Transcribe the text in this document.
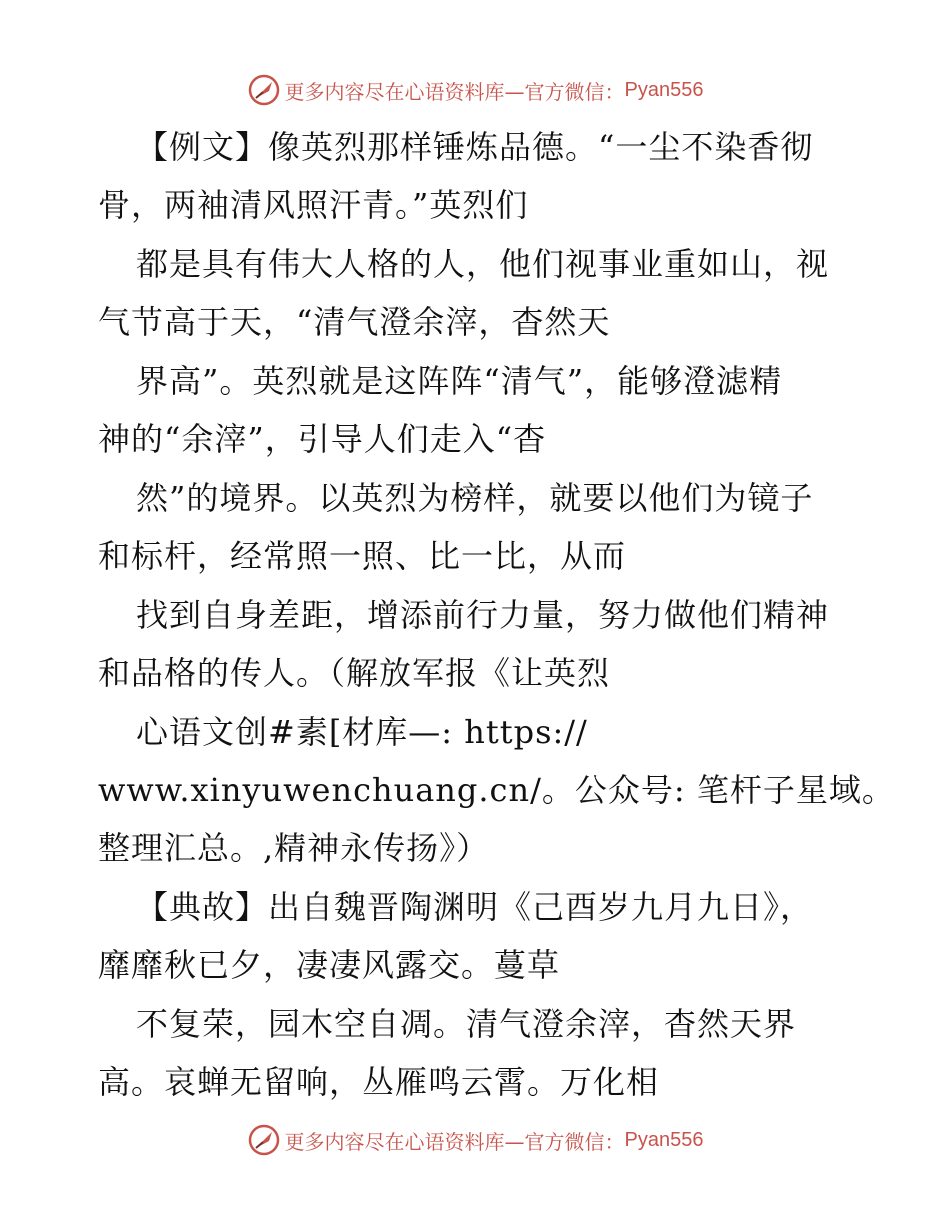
更多内容尽在心语资料库—官方微信： Pyan556
【例文】像英烈那样锤炼品德。“一尘不染香彻
骨，两袖清风照汗青。”英烈们
都是具有伟大人格的人，他们视事业重如山，视
气节高于天，“清气澄余滓，杳然天
界高”。英烈就是这阵阵“清气”，能够澄滤精
神的“余滓”，引导人们走入“杳
然”的境界。以英烈为榜样，就要以他们为镜子
和标杆，经常照一照、比一比，从而
找到自身差距，增添前行力量，努力做他们精神
和品格的传人。（解放军报《让英烈
心语文创#素[材库—: https://
www.xinyuwenchuang.cn/。公众号: 笔杆子星域。
整理汇总。,精神永传扬》）
【典故】出自魏晋陶渊明《己酉岁九月九日》，
靡靡秋已夕，凄凄风露交。蔓草
不复荣，园木空自凋。清气澄余滓，杳然天界
高。哀蝉无留响，丛雁鸣云霄。万化相
更多内容尽在心语资料库—官方微信： Pyan556
